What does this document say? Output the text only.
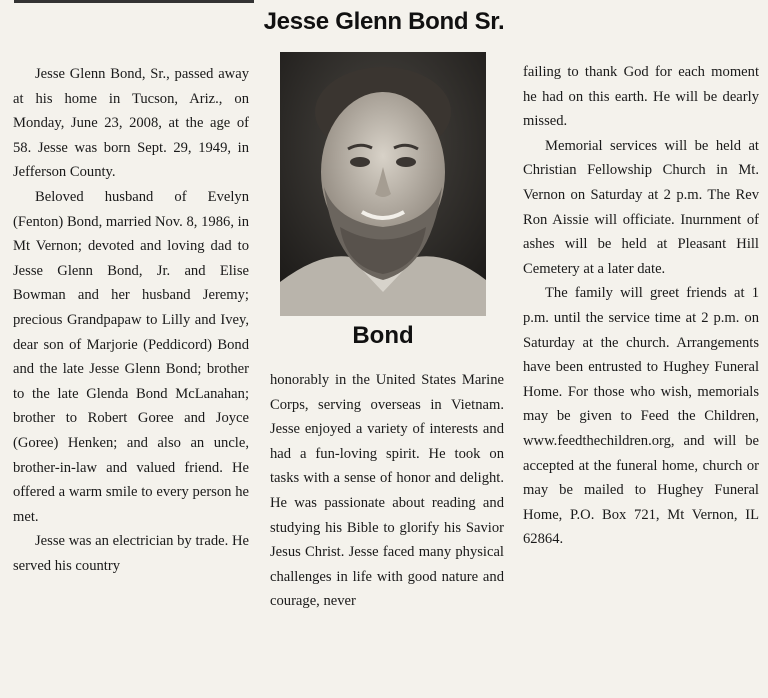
Jesse Glenn Bond Sr.

Jesse Glenn Bond, Sr., passed away at his home in Tucson, Ariz., on Monday, June 23, 2008, at the age of 58. Jesse was born Sept. 29, 1949, in Jefferson County.

Beloved husband of Evelyn (Fenton) Bond, married Nov. 8, 1986, in Mt Vernon; devoted and loving dad to Jesse Glenn Bond, Jr. and Elise Bowman and her husband Jeremy; precious Grandpapaw to Lilly and Ivey, dear son of Marjorie (Peddicord) Bond and the late Jesse Glenn Bond; brother to the late Glenda Bond McLanahan; brother to Robert Goree and Joyce (Goree) Henken; and also an uncle, brother-in-law and valued friend. He offered a warm smile to every person he met.

Jesse was an electrician by trade. He served his country

Bond

honorably in the United States Marine Corps, serving overseas in Vietnam. Jesse enjoyed a variety of interests and had a fun-loving spirit. He took on tasks with a sense of honor and delight. He was passionate about reading and studying his Bible to glorify his Savior Jesus Christ. Jesse faced many physical challenges in life with good nature and courage, never

failing to thank God for each moment he had on this earth. He will be dearly missed.

Memorial services will be held at Christian Fellowship Church in Mt. Vernon on Saturday at 2 p.m. The Rev Ron Aissie will officiate. Inurnment of ashes will be held at Pleasant Hill Cemetery at a later date.

The family will greet friends at 1 p.m. until the service time at 2 p.m. on Saturday at the church. Arrangements have been entrusted to Hughey Funeral Home. For those who wish, memorials may be given to Feed the Children, www.feedthechildren.org, and will be accepted at the funeral home, church or may be mailed to Hughey Funeral Home, P.O. Box 721, Mt Vernon, IL 62864.
